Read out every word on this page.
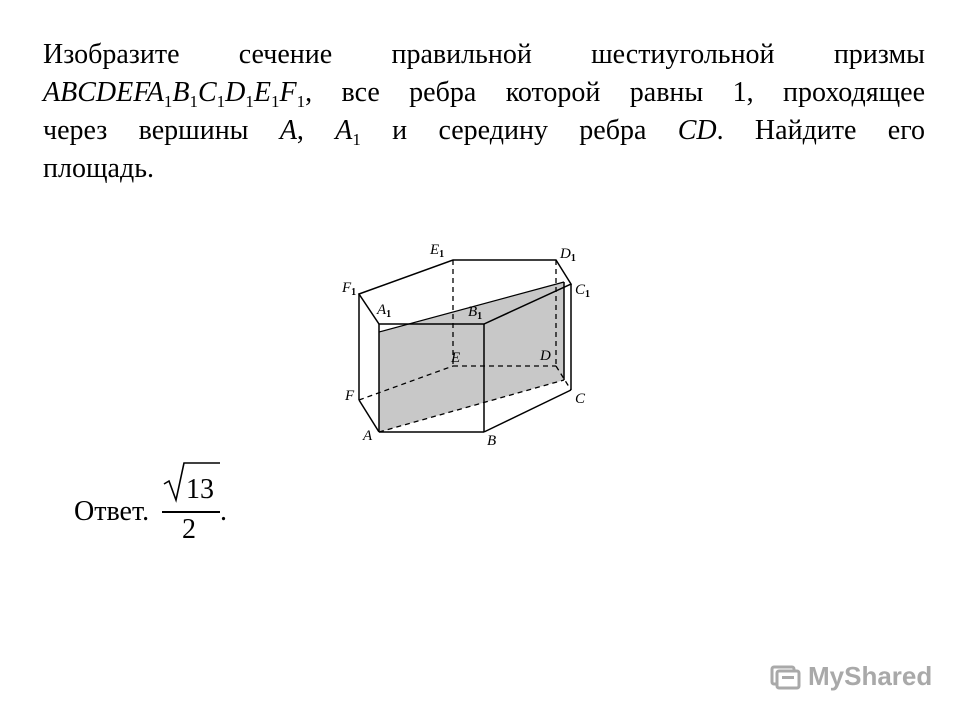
Изобразите сечение правильной шестиугольной призмы
$ABCDEFA_1B_1C_1D_1E_1F_1$, все ребра которой равны 1, проходящее
через вершины A, $A_1$ и середину ребра CD. Найдите его
площадь.
$E_1$	$D_1$
$F_1$	$C_1$
$A_1$	$B_1$
E	D
F	C
A	B
Ответ.
13
2
.
MyShared
